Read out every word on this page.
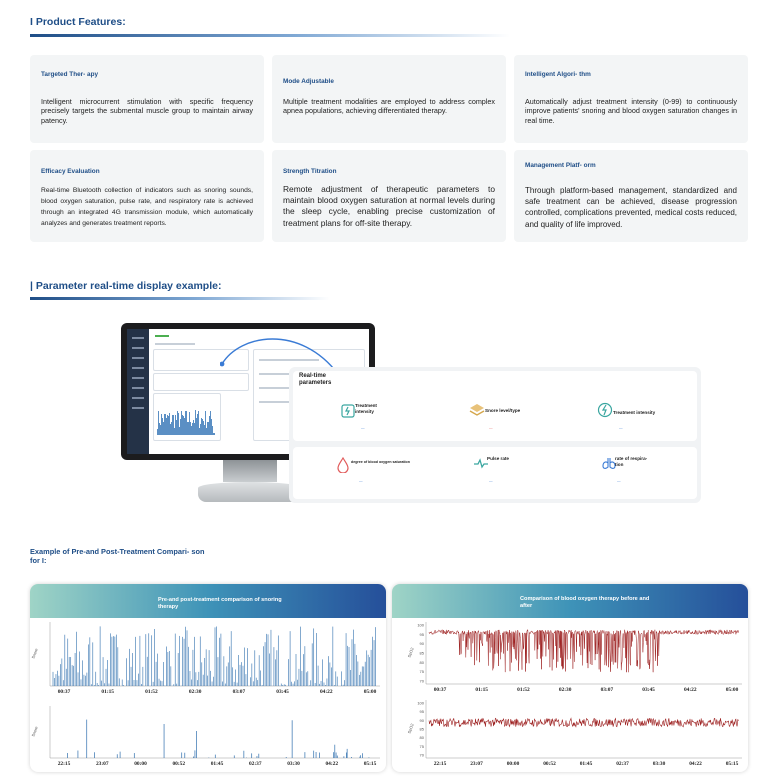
I Product Features:
Targeted Ther- apy
Intelligent microcurrent stimulation with specific frequency precisely targets the submental muscle group to maintain airway patency.
Mode Adjustable
Multiple treatment modalities are employed to address complex apnea populations, achieving differentiated therapy.
Intelligent Algori- thm
Automatically adjust treatment intensity (0-99) to continuously improve patients' snoring and blood oxygen saturation changes in real time.
Efficacy Evaluation
Real-time Bluetooth collection of indicators such as snoring sounds, blood oxygen saturation, pulse rate, and respiratory rate is achieved through an integrated 4G transmission module, which automatically analyzes and generates treatment reports.
Strength Titration
Remote adjustment of therapeutic parameters to maintain blood oxygen saturation at normal levels during the sleep cycle, enabling precise customization of treatment plans for off-site therapy.
Management Platf- orm
Through platform-based management, standardized and safe treatment can be achieved, disease progression controlled, complications prevented, medical costs reduced, and quality of life improved.
| Parameter real-time display example:
Real-time parameters
Treatment intensity
—
Snore level/type
—
Treatment intensity
—
degree of blood oxygen saturation
—
Pulse rate
—
rate of respira- tion
—
Example of Pre-and Post-Treatment Compari- son for I:
Pre-and post-treatment comparison of snoring therapy
00:37	01:15	01:52	02:30	03:07	03:45	04:22	05:00
Snore
22:15	23:07	00:00	00:52	01:45	02:37	03:30	04:22	05:15
Snore
Comparison of blood oxygen therapy before and after
00:37	01:15	01:52	02:30	03:07	03:45	04:22	05:00
100
95
90
85
80
75
70
SpO2
22:15	23:07	00:00	00:52	01:45	02:37	03:30	04:22	05:15
100
95
90
85
80
75
70
SpO2
